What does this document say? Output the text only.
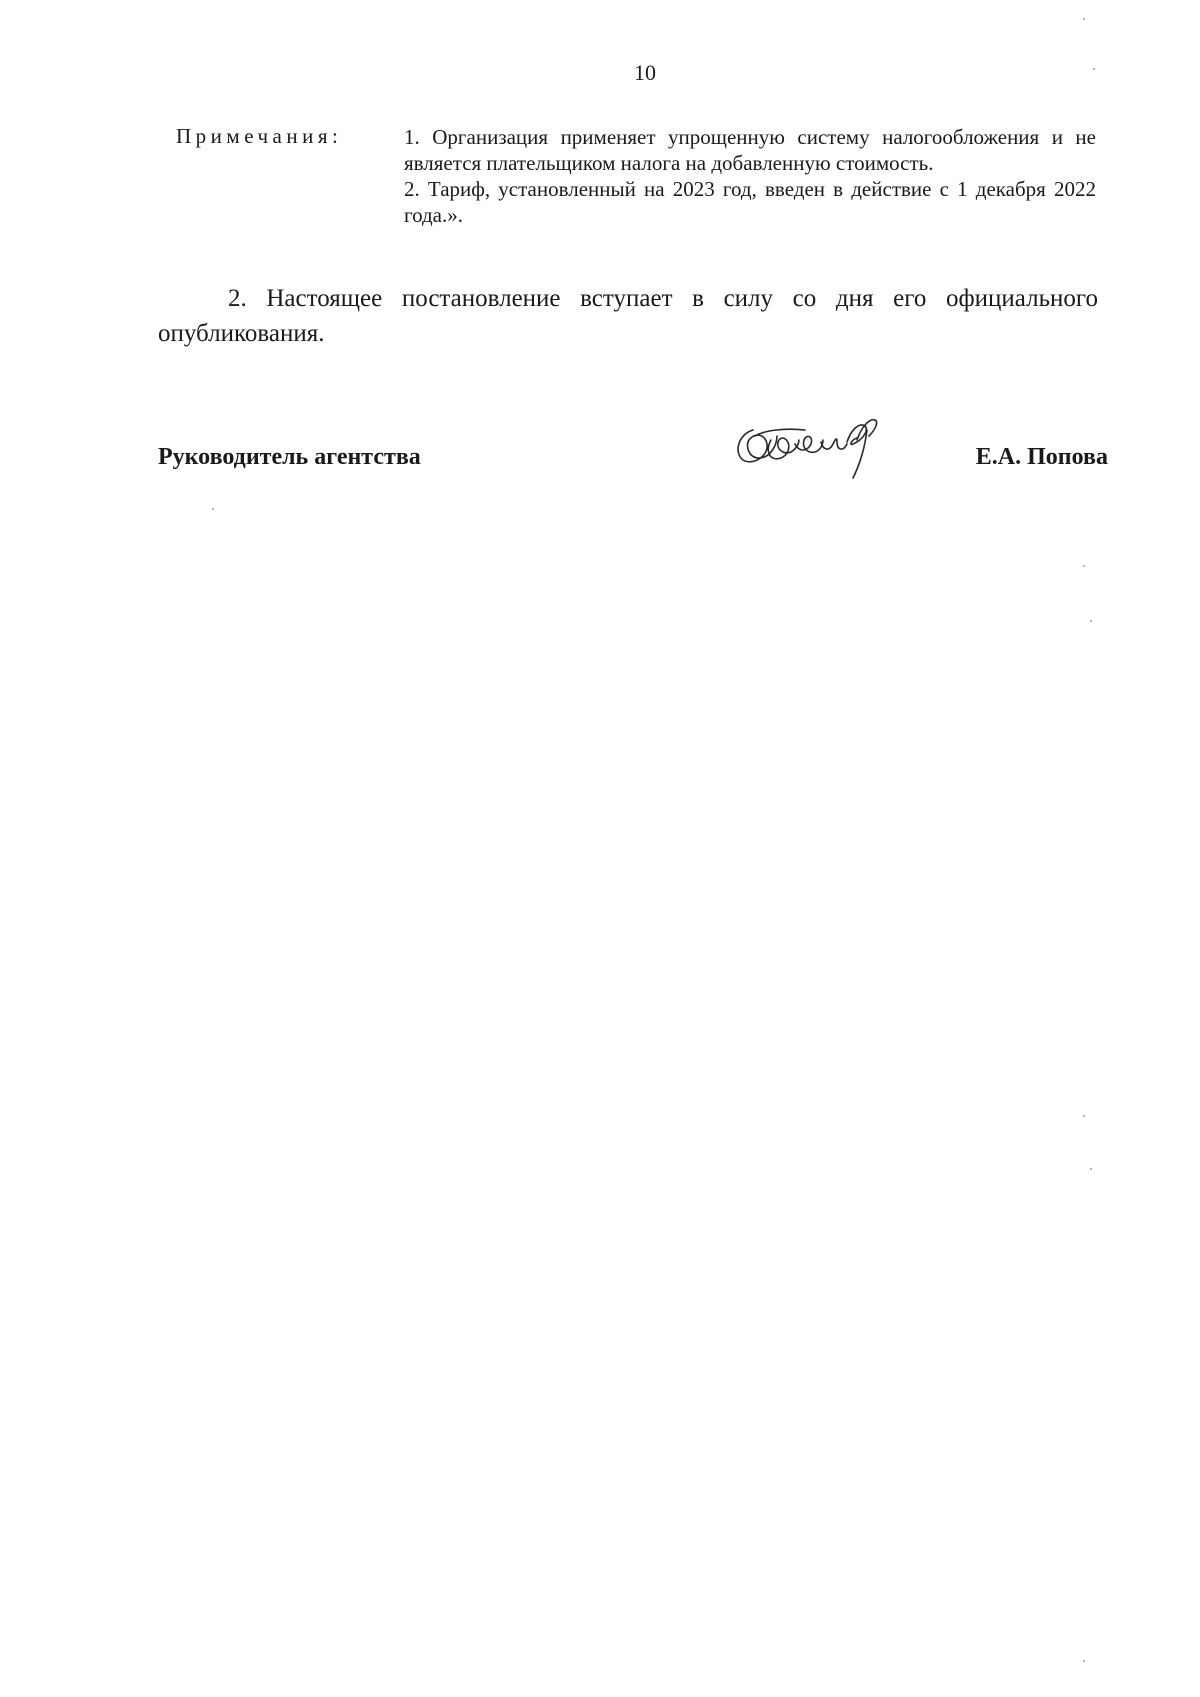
10
Примечания:	1. Организация применяет упрощенную систему налогообложения и не является плательщиком налога на добавленную стоимость.

2. Тариф, установленный на 2023 год, введен в действие с 1 декабря 2022 года.».

2. Настоящее постановление вступает в силу со дня его официального опубликования.

Руководитель агентства	Е.А. Попова
